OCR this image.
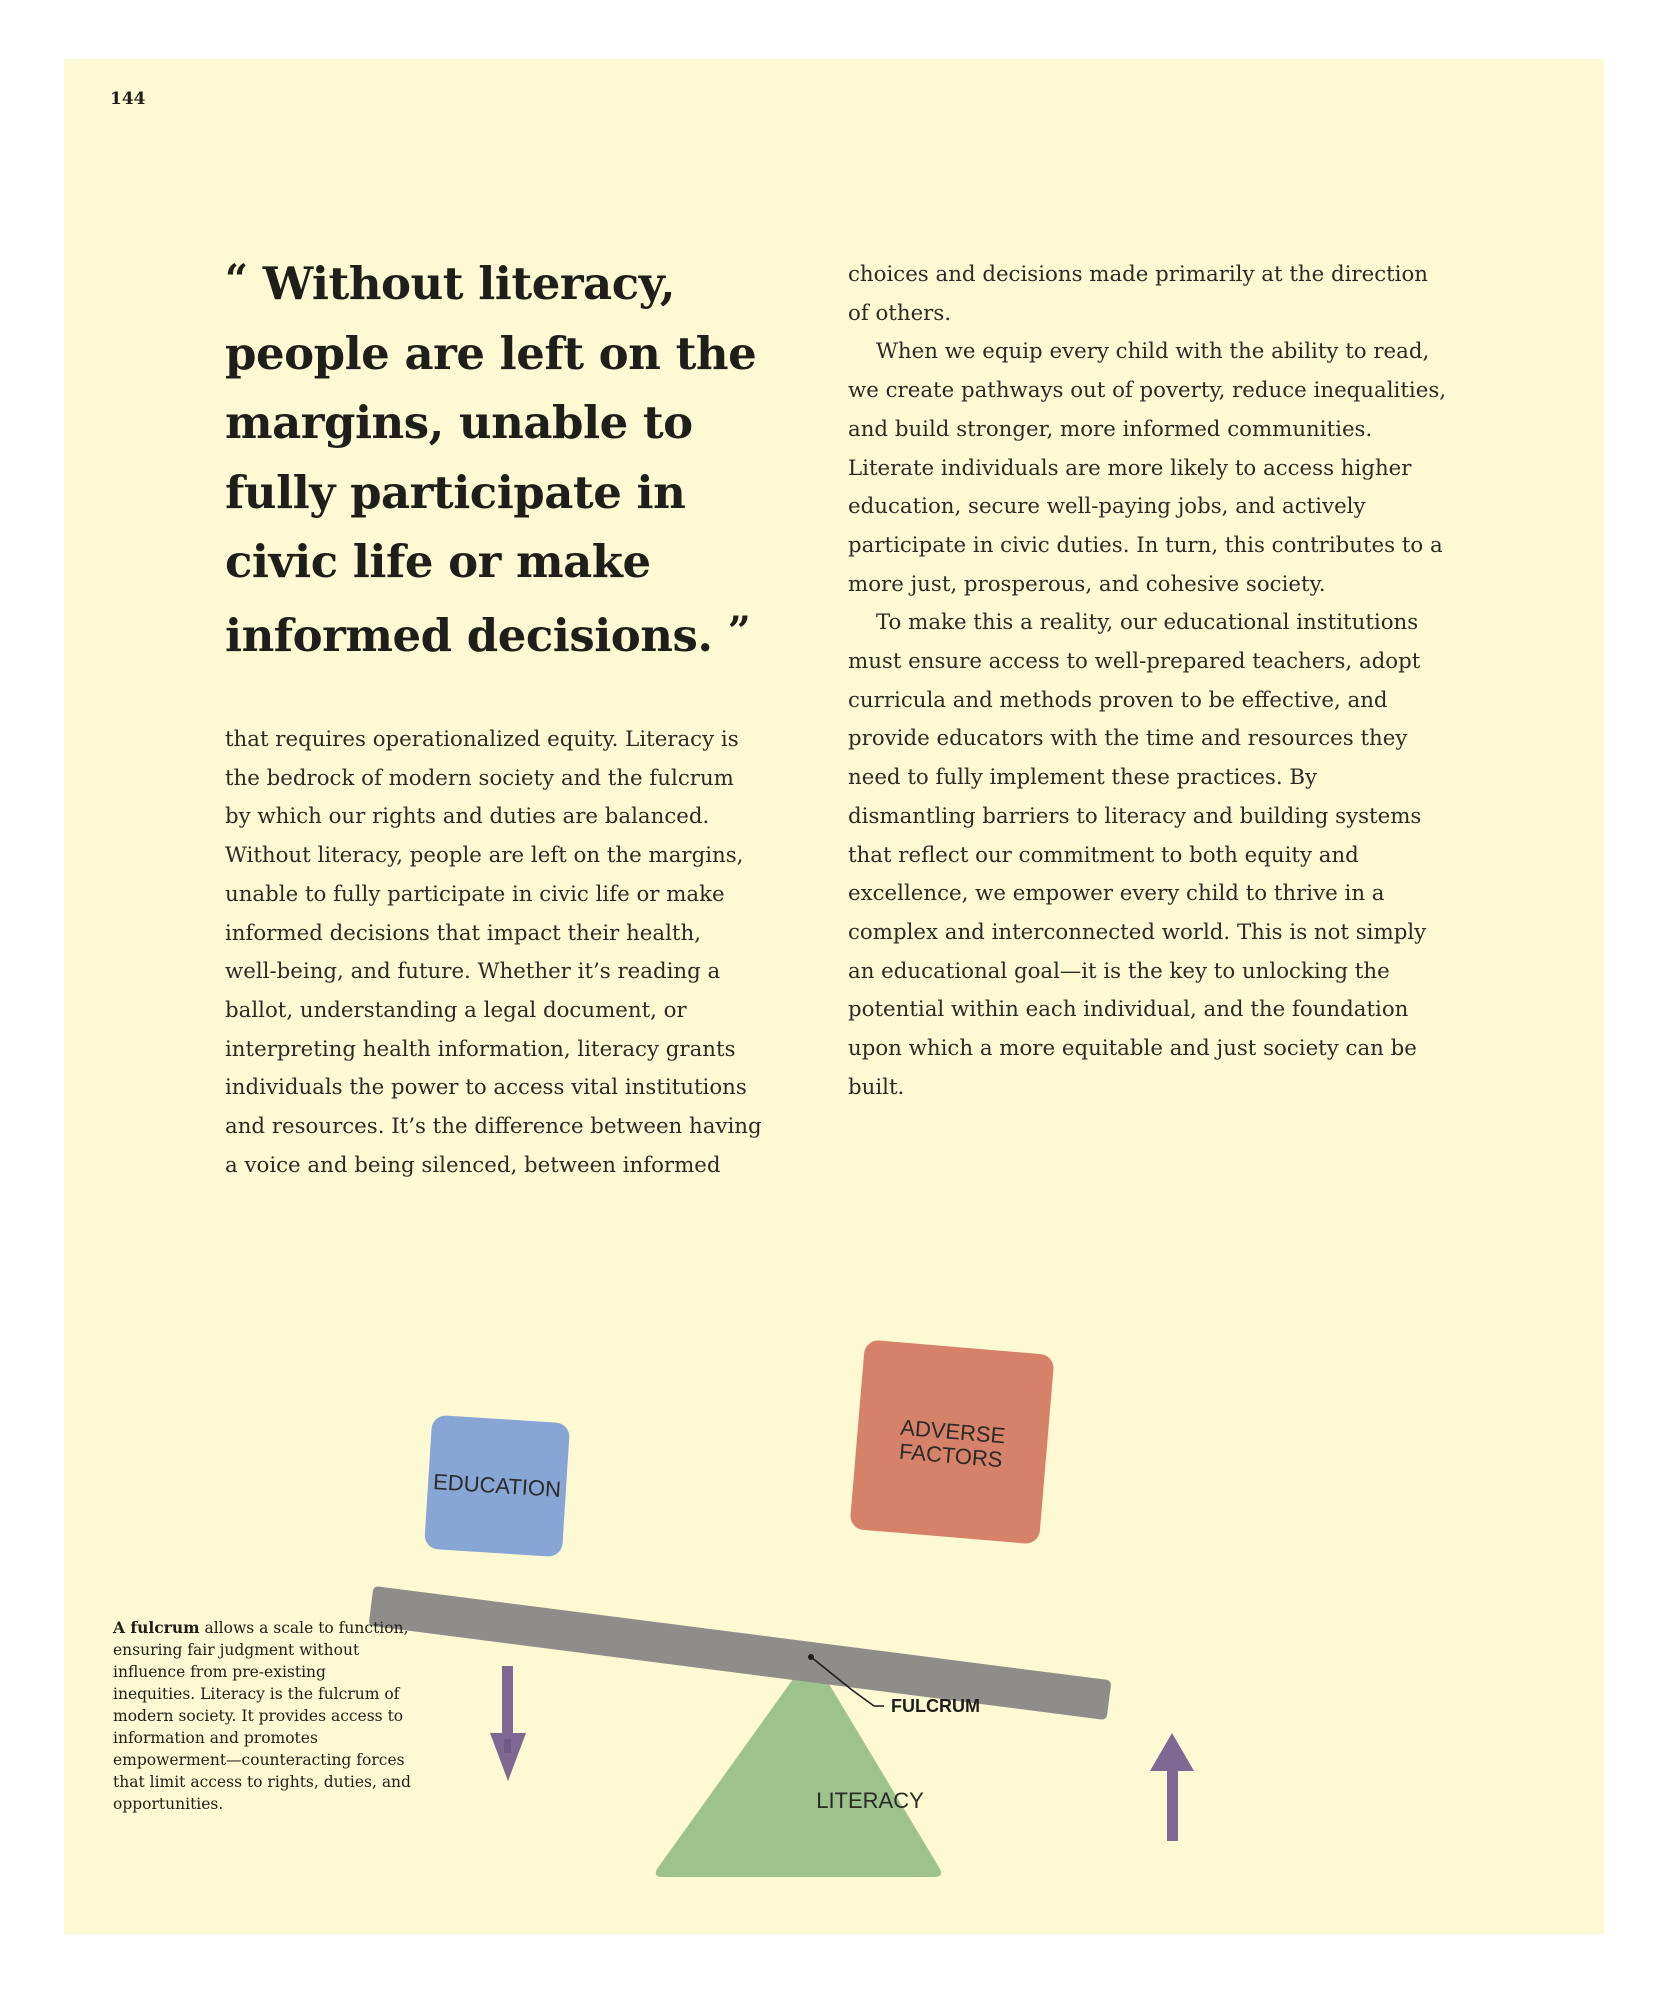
144
“ Without literacy,
people are left on the
margins, unable to
fully participate in
civic life or make
informed decisions. ”

that requires operationalized equity. Literacy is

the bedrock of modern society and the fulcrum

by which our rights and duties are balanced.

Without literacy, people are left on the margins,

unable to fully participate in civic life or make

informed decisions that impact their health,

well-being, and future. Whether it’s reading a

ballot, understanding a legal document, or

interpreting health information, literacy grants

individuals the power to access vital institutions

and resources. It’s the difference between having

a voice and being silenced, between informed

choices and decisions made primarily at the direction of others.

When we equip every child with the ability to read, we create pathways out of poverty, reduce inequalities, and build stronger, more informed communities. Literate individuals are more likely to access higher education, secure well-paying jobs, and actively participate in civic duties. In turn, this contributes to a more just, prosperous, and cohesive society.

To make this a reality, our educational institutions must ensure access to well-prepared teachers, adopt curricula and methods proven to be effective, and provide educators with the time and resources they need to fully implement these practices. By dismantling barriers to literacy and building systems that reflect our commitment to both equity and excellence, we empower every child to thrive in a complex and interconnected world. This is not simply an educational goal—it is the key to unlocking the potential within each individual, and the foundation upon which a more equitable and just society can be built.

LITERACY
EDUCATION
ADVERSE
FACTORS
FULCRUM
A fulcrum allows a scale to function, ensuring fair judgment without influence from pre-existing inequities. Literacy is the fulcrum of modern society. It provides access to information and promotes empowerment—counteracting forces that limit access to rights, duties, and opportunities.
